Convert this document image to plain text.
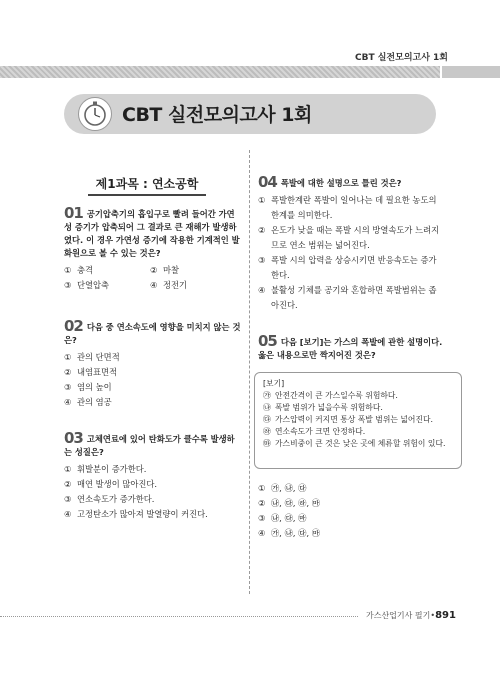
CBT 실전모의고사 1회
CBT 실전모의고사 1회
제1과목 : 연소공학
01 공기압축기의 흡입구로 빨려 들어간 가연성 증기가 압축되어 그 결과로 큰 재해가 발생하였다. 이 경우 가연성 증기에 작용한 기계적인 발화원으로 볼 수 있는 것은?
① 충격	② 마찰
③ 단열압축	④ 정전기
02 다음 중 연소속도에 영향을 미치지 않는 것은?
① 관의 단면적
② 내염표면적
③ 염의 높이
④ 관의 염공
03 고체연료에 있어 탄화도가 클수록 발생하는 성질은?
① 휘발분이 증가한다.
② 매연 발생이 많아진다.
③ 연소속도가 증가한다.
④ 고정탄소가 많아져 발열량이 커진다.
04 폭발에 대한 설명으로 틀린 것은?
① 폭발한계란 폭발이 일어나는 데 필요한 농도의 한계를 의미한다.
② 온도가 낮을 때는 폭발 시의 방열속도가 느려지므로 연소 범위는 넓어진다.
③ 폭발 시의 압력을 상승시키면 반응속도는 증가한다.
④ 불활성 기체를 공기와 혼합하면 폭발범위는 좁아진다.
05 다음 [보기]는 가스의 폭발에 관한 설명이다. 옳은 내용으로만 짝지어진 것은?
[보기]
㉮ 안전간격이 큰 가스일수록 위험하다.
㉯ 폭발 범위가 넓을수록 위험하다.
㉰ 가스압력이 커지면 통상 폭발 범위는 넓어진다.
㉱ 연소속도가 크면 안정하다.
㉲ 가스비중이 큰 것은 낮은 곳에 체류할 위험이 있다.
① ㉮, ㉯, ㉰
② ㉯, ㉰, ㉱, ㉲
③ ㉯, ㉰, ㉲
④ ㉮, ㉯, ㉰, ㉲
가스산업기사 필기•891
